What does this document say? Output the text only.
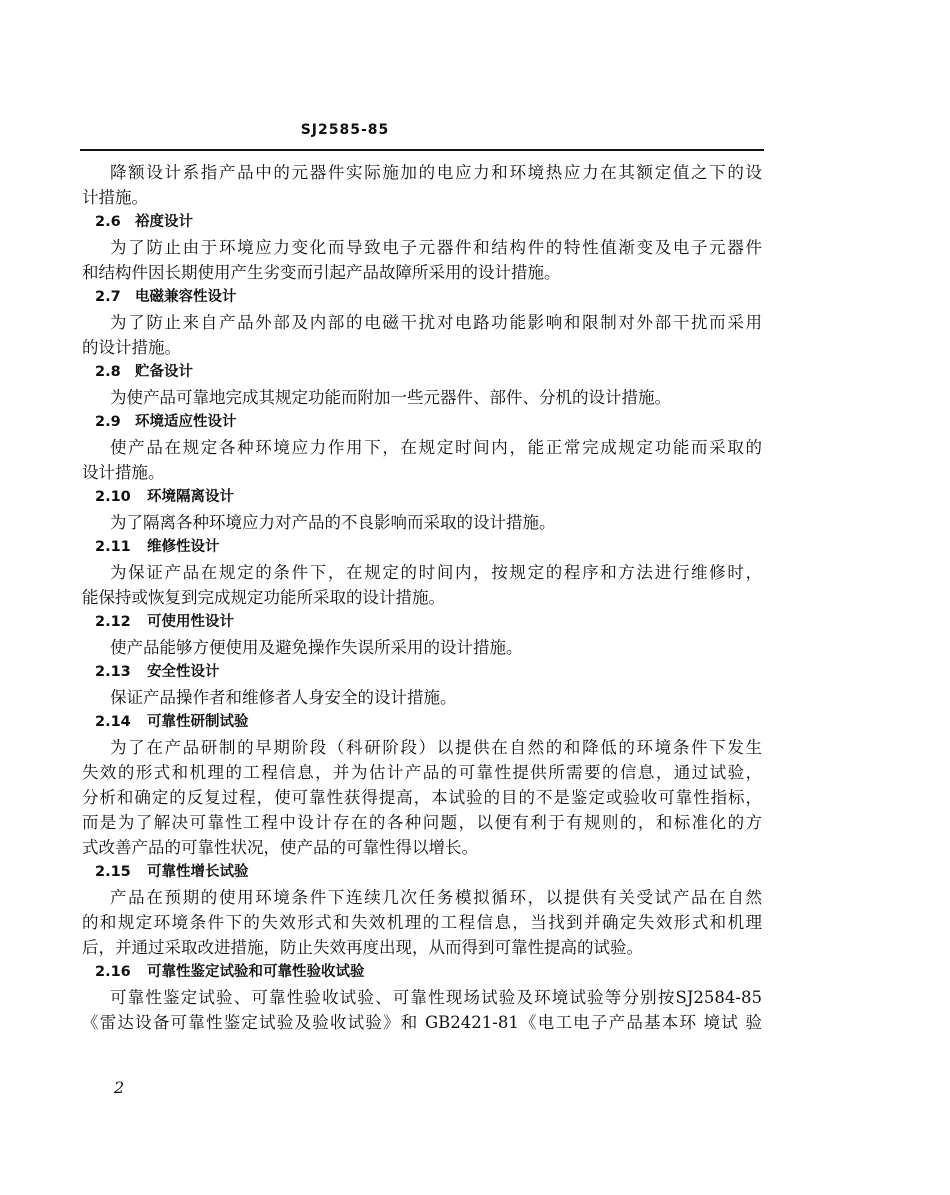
SJ2585-85
降额设计系指产品中的元器件实际施加的电应力和环境热应力在其额定值之下的设
计措施。
2.6 裕度设计
为了防止由于环境应力变化而导致电子元器件和结构件的特性值渐变及电子元器件
和结构件因长期使用产生劣变而引起产品故障所采用的设计措施。
2.7 电磁兼容性设计
为了防止来自产品外部及内部的电磁干扰对电路功能影响和限制对外部干扰而采用
的设计措施。
2.8 贮备设计
为使产品可靠地完成其规定功能而附加一些元器件、部件、分机的设计措施。
2.9 环境适应性设计
使产品在规定各种环境应力作用下，在规定时间内，能正常完成规定功能而采取的
设计措施。
2.10	环境隔离设计
为了隔离各种环境应力对产品的不良影响而采取的设计措施。
2.11	维修性设计
为保证产品在规定的条件下，在规定的时间内，按规定的程序和方法进行维修时，
能保持或恢复到完成规定功能所采取的设计措施。
2.12	可使用性设计
使产品能够方便使用及避免操作失误所采用的设计措施。
2.13	安全性设计
保证产品操作者和维修者人身安全的设计措施。
2.14	可靠性研制试验
为了在产品研制的早期阶段（科研阶段）以提供在自然的和降低的环境条件下发生
失效的形式和机理的工程信息，并为估计产品的可靠性提供所需要的信息，通过试验，
分析和确定的反复过程，使可靠性获得提高，本试验的目的不是鉴定或验收可靠性指标，
而是为了解决可靠性工程中设计存在的各种问题，以便有利于有规则的，和标准化的方
式改善产品的可靠性状况，使产品的可靠性得以增长。
2.15	可靠性增长试验
产品在预期的使用环境条件下连续几次任务模拟循环，以提供有关受试产品在自然
的和规定环境条件下的失效形式和失效机理的工程信息，当找到并确定失效形式和机理
后，并通过采取改进措施，防止失效再度出现，从而得到可靠性提高的试验。
2.16	可靠性鉴定试验和可靠性验收试验
可靠性鉴定试验、可靠性验收试验、可靠性现场试验及环境试验等分别按SJ2584-85
《雷达设备可靠性鉴定试验及验收试验》和 GB2421-81《电工电子产品基本环 境试 验
2
